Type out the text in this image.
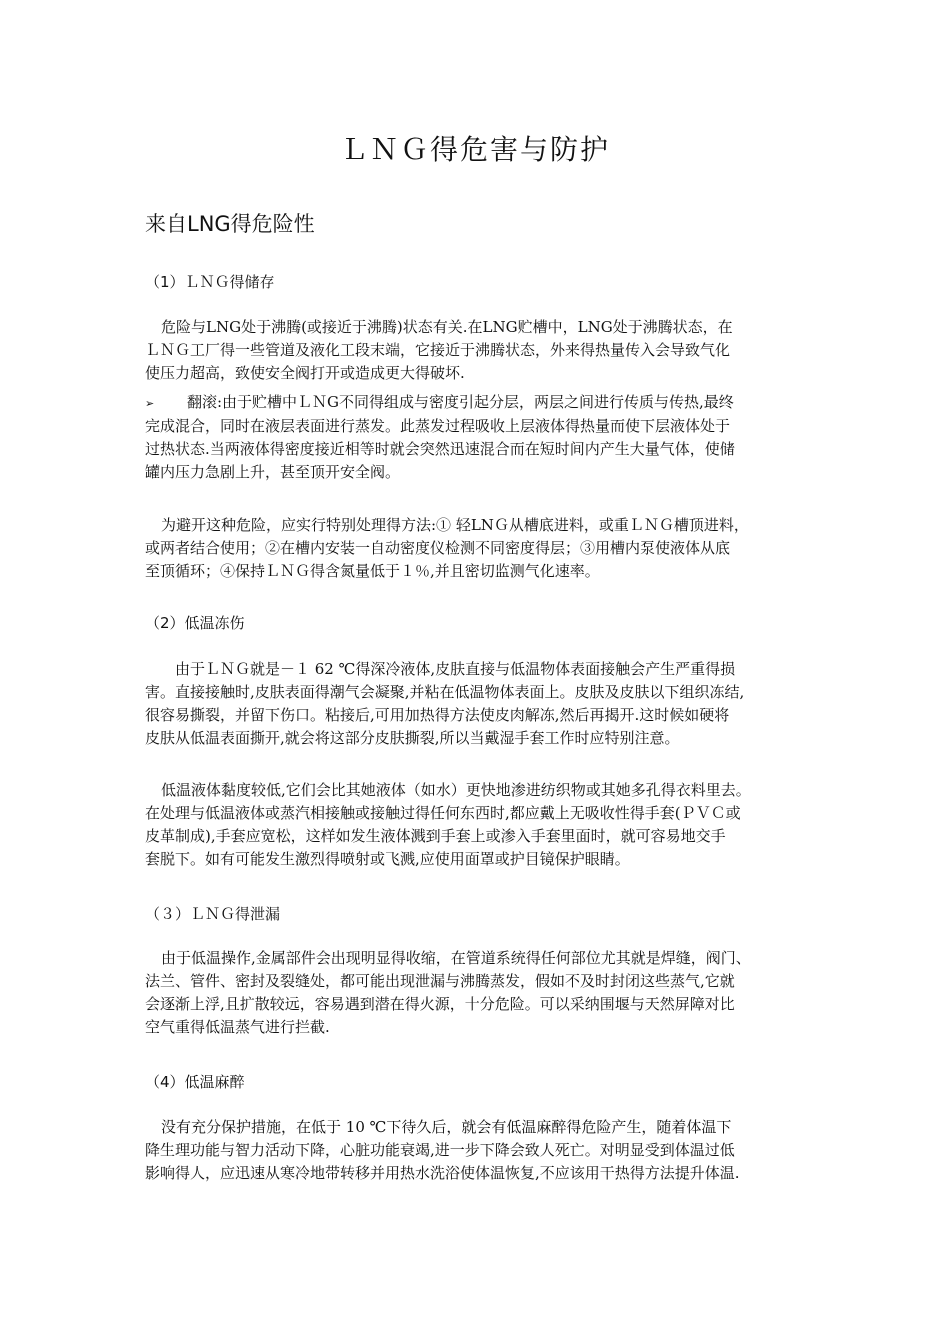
ＬＮＧ得危害与防护
来自LNG得危险性
（1）ＬＮＧ得储存

危险与LNG处于沸腾(或接近于沸腾)状态有关.在LNG贮槽中，LNG处于沸腾状态，在
ＬＮＧ工厂得一些管道及液化工段末端，它接近于沸腾状态，外来得热量传入会导致气化
使压力超高，致使安全阀打开或造成更大得破坏.

➢ 翻滚:由于贮槽中ＬＮG不同得组成与密度引起分层，两层之间进行传质与传热,最终
完成混合，同时在液层表面进行蒸发。此蒸发过程吸收上层液体得热量而使下层液体处于
过热状态.当两液体得密度接近相等时就会突然迅速混合而在短时间内产生大量气体，使储
罐内压力急剧上升，甚至顶开安全阀。

为避开这种危险，应实行特别处理得方法:① 轻LNＧ从槽底进料，或重ＬＮＧ槽顶进料，
或两者结合使用；②在槽内安装一自动密度仪检测不同密度得层；③用槽内泵使液体从底
至顶循环；④保持ＬＮＧ得含氮量低于１％,并且密切监测气化速率。

（2）低温冻伤

由于ＬＮＧ就是－１ 62 ℃得深冷液体,皮肤直接与低温物体表面接触会产生严重得损
害。直接接触时,皮肤表面得潮气会凝聚,并粘在低温物体表面上。皮肤及皮肤以下组织冻结,
很容易撕裂，并留下伤口。粘接后,可用加热得方法使皮肉解冻,然后再揭开.这时候如硬将
皮肤从低温表面撕开,就会将这部分皮肤撕裂,所以当戴湿手套工作时应特别注意。

低温液体黏度较低,它们会比其她液体（如水）更快地渗进纺织物或其她多孔得衣料里去。
在处理与低温液体或蒸汽相接触或接触过得任何东西时,都应戴上无吸收性得手套(ＰＶＣ或
皮革制成),手套应宽松，这样如发生液体溅到手套上或渗入手套里面时，就可容易地交手
套脱下。如有可能发生激烈得喷射或飞溅,应使用面罩或护目镜保护眼睛。

（３）ＬＮＧ得泄漏

由于低温操作,金属部件会出现明显得收缩，在管道系统得任何部位尤其就是焊缝，阀门、
法兰、管件、密封及裂缝处，都可能出现泄漏与沸腾蒸发，假如不及时封闭这些蒸气,它就
会逐渐上浮,且扩散较远，容易遇到潜在得火源，十分危险。可以采纳围堰与天然屏障对比
空气重得低温蒸气进行拦截.

（4）低温麻醉

没有充分保护措施，在低于 10 ℃下待久后，就会有低温麻醉得危险产生，随着体温下
降生理功能与智力活动下降，心脏功能衰竭,进一步下降会致人死亡。对明显受到体温过低
影响得人，应迅速从寒冷地带转移并用热水洗浴使体温恢复,不应该用干热得方法提升体温.
